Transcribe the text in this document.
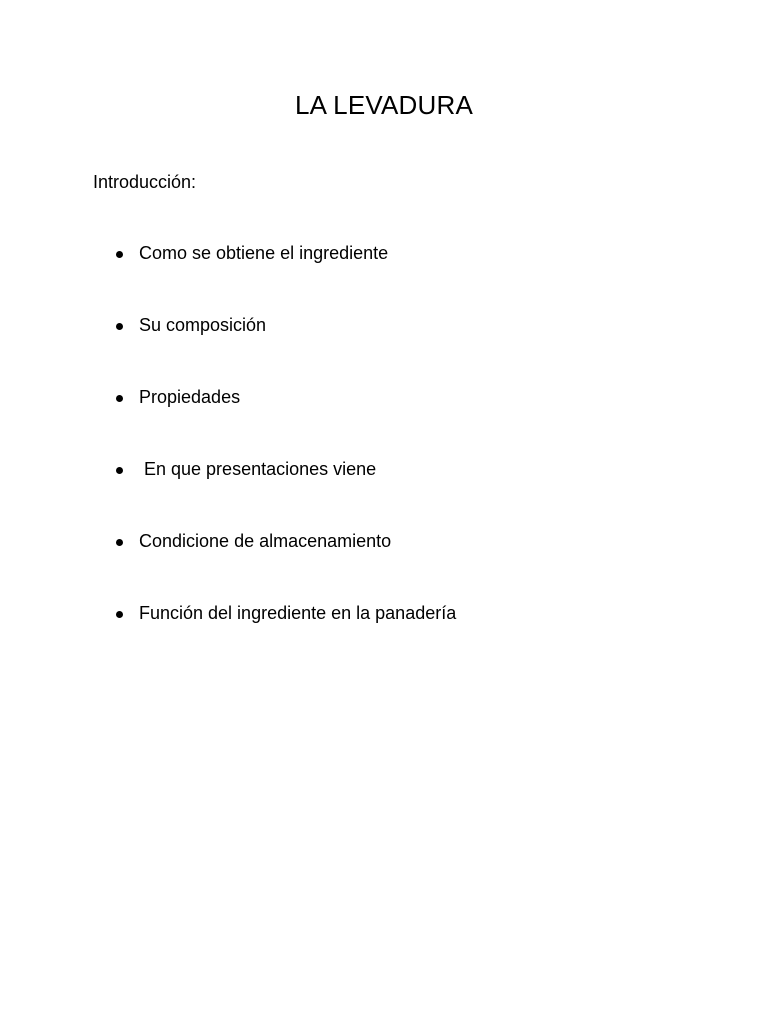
LA LEVADURA
Introducción:
Como se obtiene el ingrediente
Su composición
Propiedades
En que presentaciones viene
Condicione de almacenamiento
Función del ingrediente en la panadería
